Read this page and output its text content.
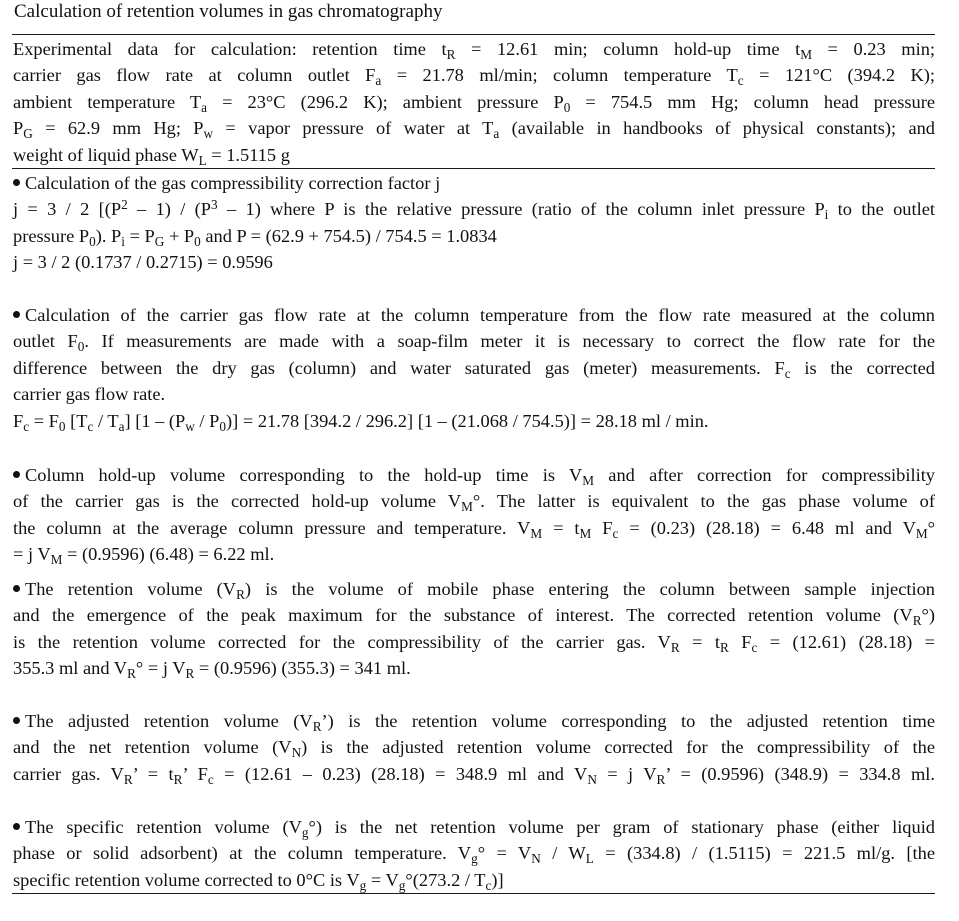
Calculation of retention volumes in gas chromatography
Experimental data for calculation: retention time $t_R = 12.61$ min; column hold-up time $t_M = 0.23$ min;
carrier gas flow rate at column outlet $F_a = 21.78$ ml/min; column temperature $T_c = 121^\circ C$ (394.2 K);
ambient temperature $T_a = 23^\circ C$ (296.2 K); ambient pressure $P_0 = 754.5$ mm Hg; column head pressure
$P_G = 62.9$ mm Hg; $P_w$ = vapor pressure of water at $T_a$ (available in handbooks of physical constants); and
weight of liquid phase $W_L = 1.5115$ g
Calculation of the gas compressibility correction factor j
j = 3 / 2 [$(P^2 - 1) / (P^3 - 1)$ where P is the relative pressure (ratio of the column inlet pressure $P_i$ to the outlet
pressure $P_0$). $P_i = P_G + P_0$ and P = (62.9 + 754.5) / 754.5 = 1.0834
j = 3 / 2 (0.1737 / 0.2715) = 0.9596
Calculation of the carrier gas flow rate at the column temperature from the flow rate measured at the column
outlet $F_0$. If measurements are made with a soap-film meter it is necessary to correct the flow rate for the
difference between the dry gas (column) and water saturated gas (meter) measurements. $F_c$ is the corrected
carrier gas flow rate.
$F_c = F_0$ $[T_c / T_a]$ $[1 - (P_w / P_0)] = 21.78$ [394.2 / 296.2] [1 – (21.068 / 754.5)] = 28.18 ml / min.
Column hold-up volume corresponding to the hold-up time is $V_M$ and after correction for compressibility
of the carrier gas is the corrected hold-up volume $V_M^\circ$. The latter is equivalent to the gas phase volume of
the column at the average column pressure and temperature. $V_M = t_M$ $F_c = (0.23) (28.18) = 6.48$ ml and $V_M^\circ$
= j $V_M = (0.9596) (6.48) = 6.22$ ml.
The retention volume $(V_R)$ is the volume of mobile phase entering the column between sample injection
and the emergence of the peak maximum for the substance of interest. The corrected retention volume $(V_R^\circ)$
is the retention volume corrected for the compressibility of the carrier gas. $V_R = t_R$ $F_c = (12.61) (28.18)$ =
355.3 ml and $V_R^\circ = j$ $V_R = (0.9596) (355.3) = 341$ ml.
The adjusted retention volume $(V_R’)$ is the retention volume corresponding to the adjusted retention time
and the net retention volume $(V_N)$ is the adjusted retention volume corrected for the compressibility of the
carrier gas. $V_R$’ = $t_R$’ $F_c = (12.61 - 0.23) (28.18) = 348.9$ ml and $V_N = j$ $V_R$’ = (0.9596) (348.9) = 334.8 ml.
The specific retention volume $(V_g^\circ)$ is the net retention volume per gram of stationary phase (either liquid
phase or solid adsorbent) at the column temperature. $V_g^\circ = V_N / W_L = (334.8) / (1.5115) = 221.5$ ml/g. [the
specific retention volume corrected to 0°C is $V_g = V_g^\circ(273.2 / T_c)$]
